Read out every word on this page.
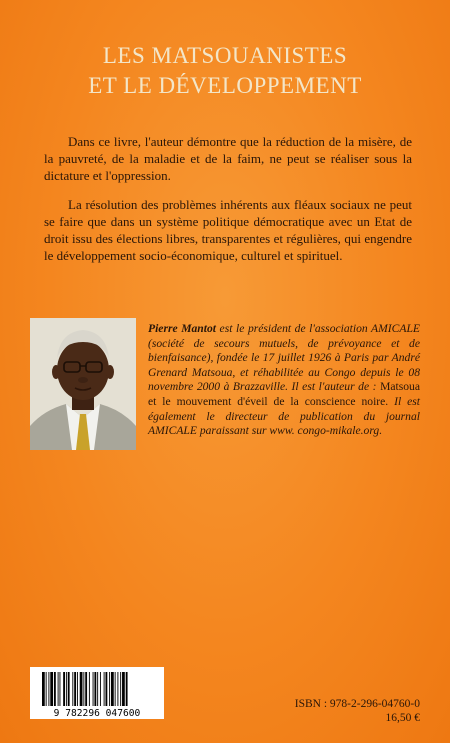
LES MATSOUANISTES
ET LE DÉVELOPPEMENT

Dans ce livre, l'auteur démontre que la réduction de la misère, de la pauvreté, de la maladie et de la faim, ne peut se réaliser sous la dictature et l'oppression.

La résolution des problèmes inhérents aux fléaux sociaux ne peut se faire que dans un système politique démocratique avec un Etat de droit issu des élections libres, transparentes et régulières, qui engendre le développement socio-économique, culturel et spirituel.

Pierre Mantot est le président de l'association AMICALE (société de secours mutuels, de prévoyance et de bienfaisance), fondée le 17 juillet 1926 à Paris par André Grenard Matsoua, et réhabilitée au Congo depuis le 08 novembre 2000 à Brazzaville. Il est l'auteur de : Matsoua et le mouvement d'éveil de la conscience noire. Il est également le directeur de publication du journal AMICALE paraissant sur www. congo-mikale.org.

9 782296 047600
ISBN : 978-2-296-04760-0
16,50 €
